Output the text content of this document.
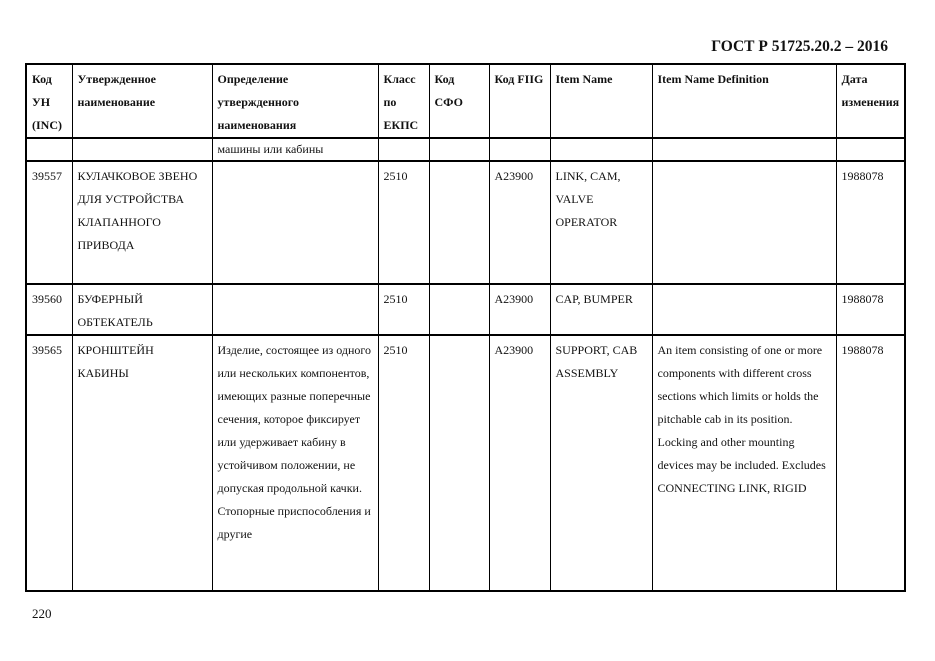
ГОСТ Р 51725.20.2 – 2016
Код УН (INC)	Утвержденное наименование	Определение утвержденного наименования	Класс по ЕКПС	Код СФО	Код FIIG	Item Name	Item Name Definition	Дата изменения
		машины или кабины						
39557	КУЛАЧКОВОЕ ЗВЕНО ДЛЯ УСТРОЙСТВА КЛАПАННОГО ПРИВОДА		2510		A23900	LINK, CAM, VALVE OPERATOR		1988078
39560	БУФЕРНЫЙ ОБТЕКАТЕЛЬ		2510		A23900	CAP, BUMPER		1988078
39565	КРОНШТЕЙН КАБИНЫ	Изделие, состоящее из одного или нескольких компонентов, имеющих разные поперечные сечения, которое фиксирует или удерживает кабину в устойчивом положении, не допуская продольной качки. Стопорные приспособления и другие	2510		A23900	SUPPORT, CAB ASSEMBLY	An item consisting of one or more components with different cross sections which limits or holds the pitchable cab in its position. Locking and other mounting devices may be included. Excludes CONNECTING LINK, RIGID	1988078
220
